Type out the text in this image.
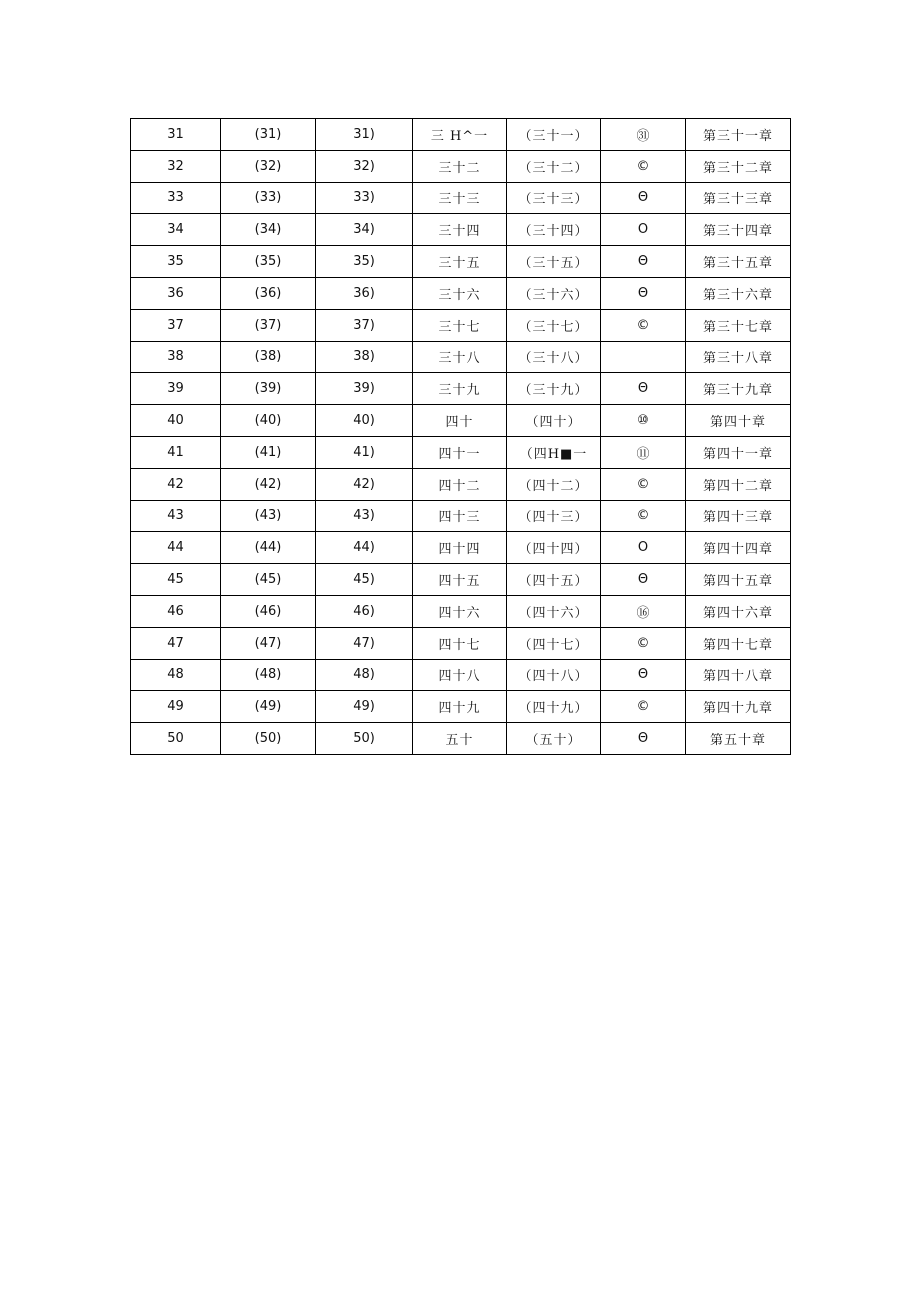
31	(31)	31)	三 H^一	（三十一）	㉛	第三十一章
32	(32)	32)	三十二	（三十二）	©	第三十二章
33	(33)	33)	三十三	（三十三）	Θ	第三十三章
34	(34)	34)	三十四	（三十四）	O	第三十四章
35	(35)	35)	三十五	（三十五）	Θ	第三十五章
36	(36)	36)	三十六	（三十六）	Θ	第三十六章
37	(37)	37)	三十七	（三十七）	©	第三十七章
38	(38)	38)	三十八	（三十八）		第三十八章
39	(39)	39)	三十九	（三十九）	Θ	第三十九章
40	(40)	40)	四十	（四十）	⑩	第四十章
41	(41)	41)	四十一	（四H■一	⑪	第四十一章
42	(42)	42)	四十二	（四十二）	©	第四十二章
43	(43)	43)	四十三	（四十三）	©	第四十三章
44	(44)	44)	四十四	（四十四）	O	第四十四章
45	(45)	45)	四十五	（四十五）	Θ	第四十五章
46	(46)	46)	四十六	（四十六）	⑯	第四十六章
47	(47)	47)	四十七	（四十七）	©	第四十七章
48	(48)	48)	四十八	（四十八）	Θ	第四十八章
49	(49)	49)	四十九	（四十九）	©	第四十九章
50	(50)	50)	五十	（五十）	Θ	第五十章
